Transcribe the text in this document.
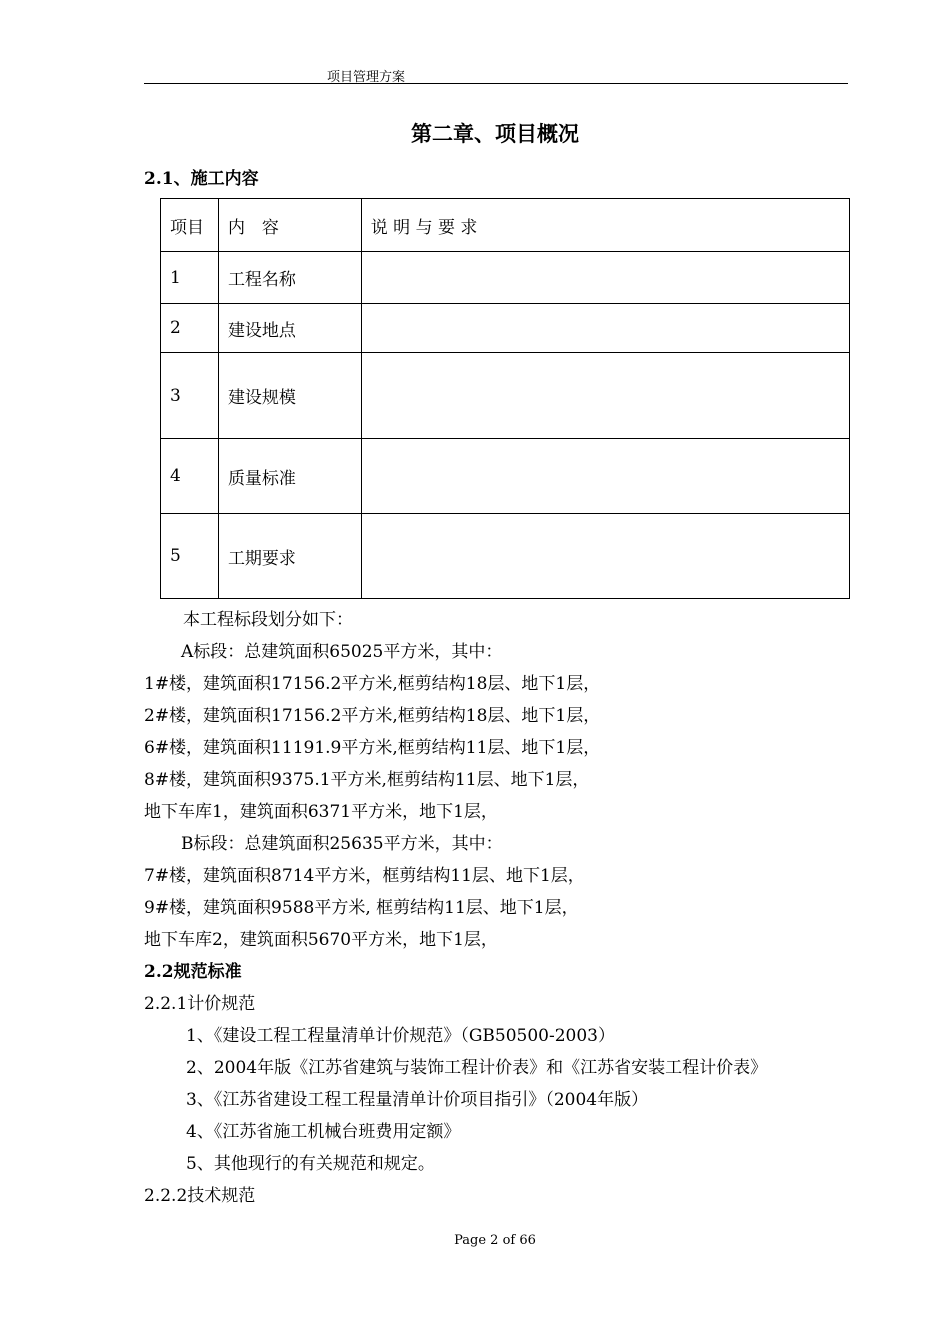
项目管理方案
第二章、项目概况
2.1、施工内容
项目	内　容	说 明 与 要 求
1	工程名称	
2	建设地点	
3	建设规模	
4	质量标准	
5	工期要求	
本工程标段划分如下：
A标段：总建筑面积65025平方米，其中：
1#楼，建筑面积17156.2平方米,框剪结构18层、地下1层，
2#楼，建筑面积17156.2平方米,框剪结构18层、地下1层，
6#楼，建筑面积11191.9平方米,框剪结构11层、地下1层，
8#楼，建筑面积9375.1平方米,框剪结构11层、地下1层，
地下车库1，建筑面积6371平方米，地下1层，
B标段：总建筑面积25635平方米，其中：
7#楼，建筑面积8714平方米，框剪结构11层、地下1层，
9#楼，建筑面积9588平方米, 框剪结构11层、地下1层，
地下车库2，建筑面积5670平方米，地下1层，
2.2规范标准
2.2.1计价规范
1、《建设工程工程量清单计价规范》（GB50500-2003）
2、2004年版《江苏省建筑与装饰工程计价表》和《江苏省安装工程计价表》
3、《江苏省建设工程工程量清单计价项目指引》（2004年版）
4、《江苏省施工机械台班费用定额》
5、其他现行的有关规范和规定。
2.2.2技术规范
Page 2 of 66
